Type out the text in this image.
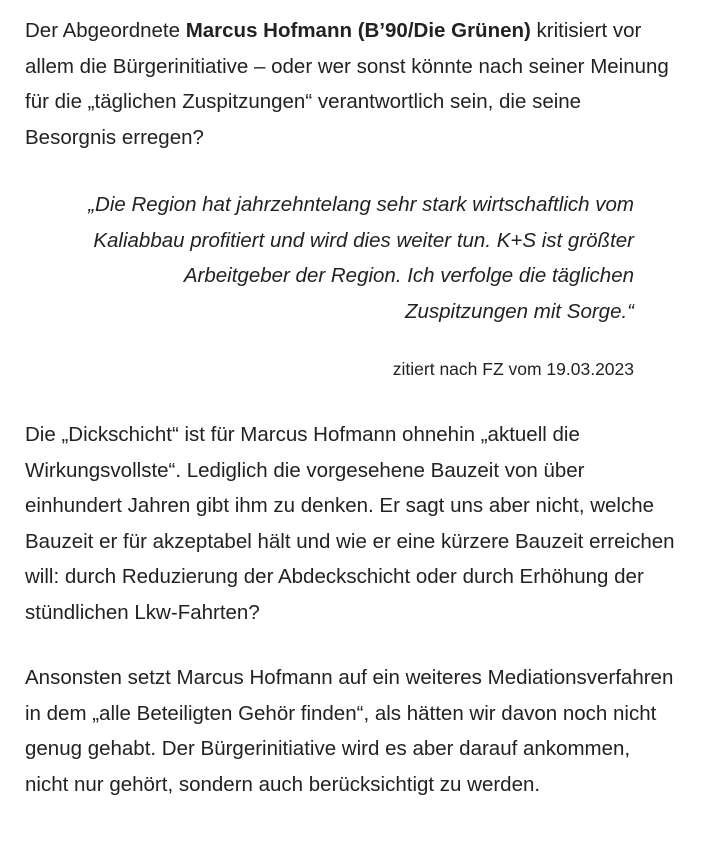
Der Abgeordnete Marcus Hofmann (B’90/Die Grünen) kritisiert vor allem die Bürgerinitiative – oder wer sonst könnte nach seiner Meinung für die „täglichen Zuspitzungen“ verantwortlich sein, die seine Besorgnis erregen?

„Die Region hat jahrzehntelang sehr stark wirtschaftlich vom Kaliabbau profitiert und wird dies weiter tun. K+S ist größter Arbeitgeber der Region. Ich verfolge die täglichen Zuspitzungen mit Sorge.“

zitiert nach FZ vom 19.03.2023

Die „Dickschicht“ ist für Marcus Hofmann ohnehin „aktuell die Wirkungsvollste“. Lediglich die vorgesehene Bauzeit von über einhundert Jahren gibt ihm zu denken. Er sagt uns aber nicht, welche Bauzeit er für akzeptabel hält und wie er eine kürzere Bauzeit erreichen will: durch Reduzierung der Abdeckschicht oder durch Erhöhung der stündlichen Lkw-Fahrten?

Ansonsten setzt Marcus Hofmann auf ein weiteres Mediationsverfahren in dem „alle Beteiligten Gehör finden“, als hätten wir davon noch nicht genug gehabt. Der Bürgerinitiative wird es aber darauf ankommen, nicht nur gehört, sondern auch berücksichtigt zu werden.
